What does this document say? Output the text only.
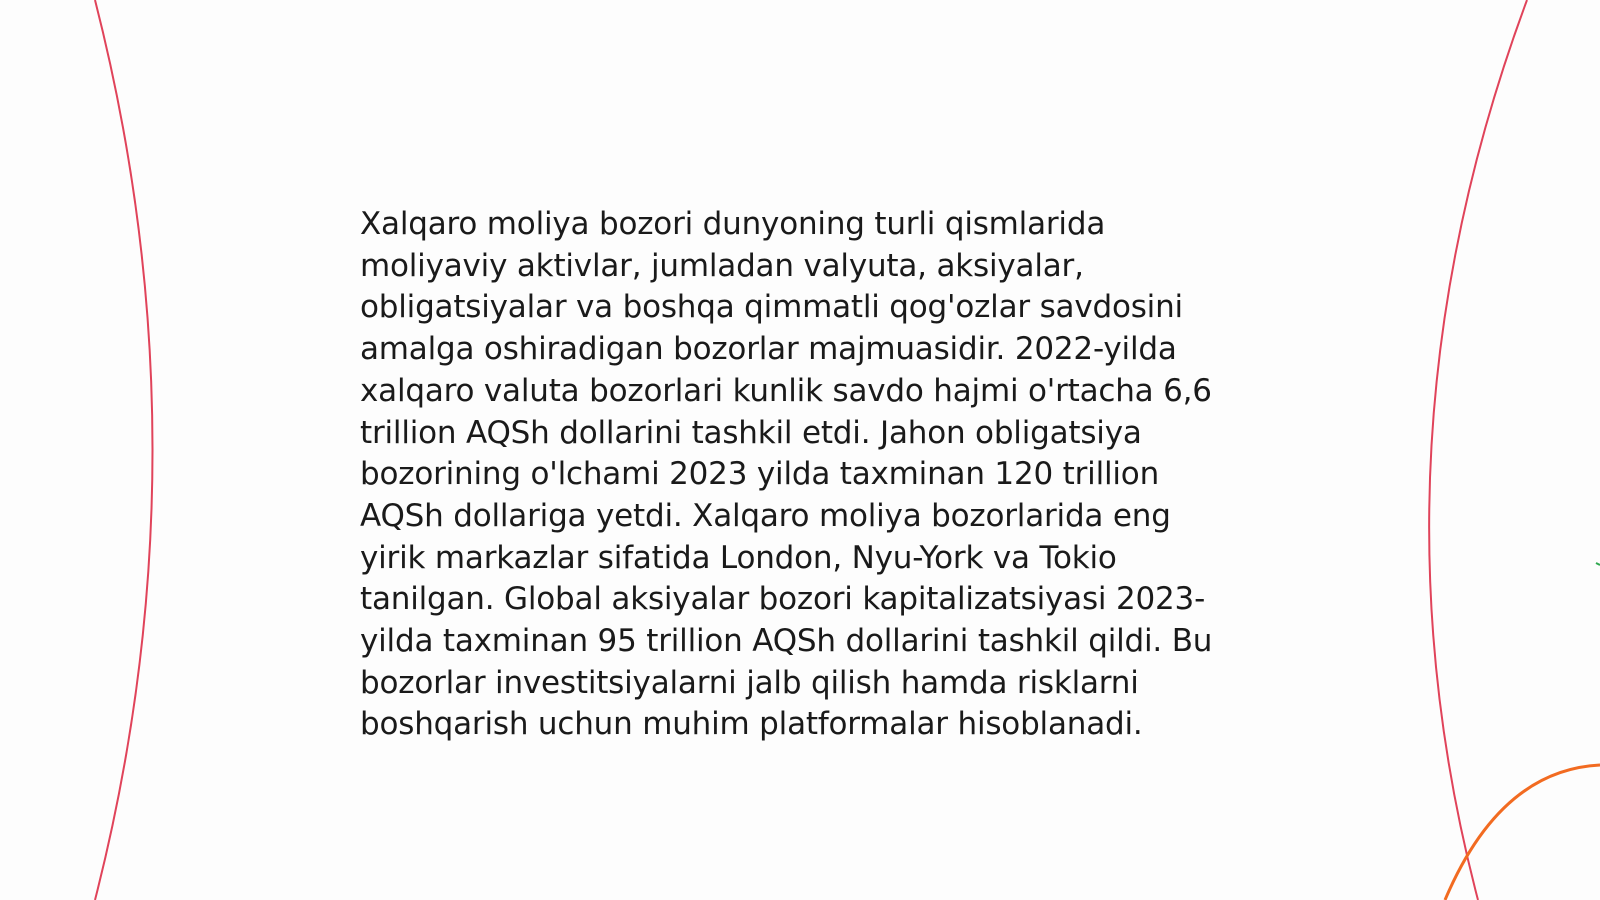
Xalqaro moliya bozori dunyoning turli qismlarida moliyaviy aktivlar, jumladan valyuta, aksiyalar, obligatsiyalar va boshqa qimmatli qog'ozlar savdosini amalga oshiradigan bozorlar majmuasidir. 2022-yilda xalqaro valuta bozorlari kunlik savdo hajmi o'rtacha 6,6 trillion AQSh dollarini tashkil etdi. Jahon obligatsiya bozorining o'lchami 2023 yilda taxminan 120 trillion AQSh dollariga yetdi. Xalqaro moliya bozorlarida eng yirik markazlar sifatida London, Nyu-York va Tokio tanilgan. Global aksiyalar bozori kapitalizatsiyasi 2023-yilda taxminan 95 trillion AQSh dollarini tashkil qildi. Bu bozorlar investitsiyalarni jalb qilish hamda risklarni boshqarish uchun muhim platformalar hisoblanadi.
